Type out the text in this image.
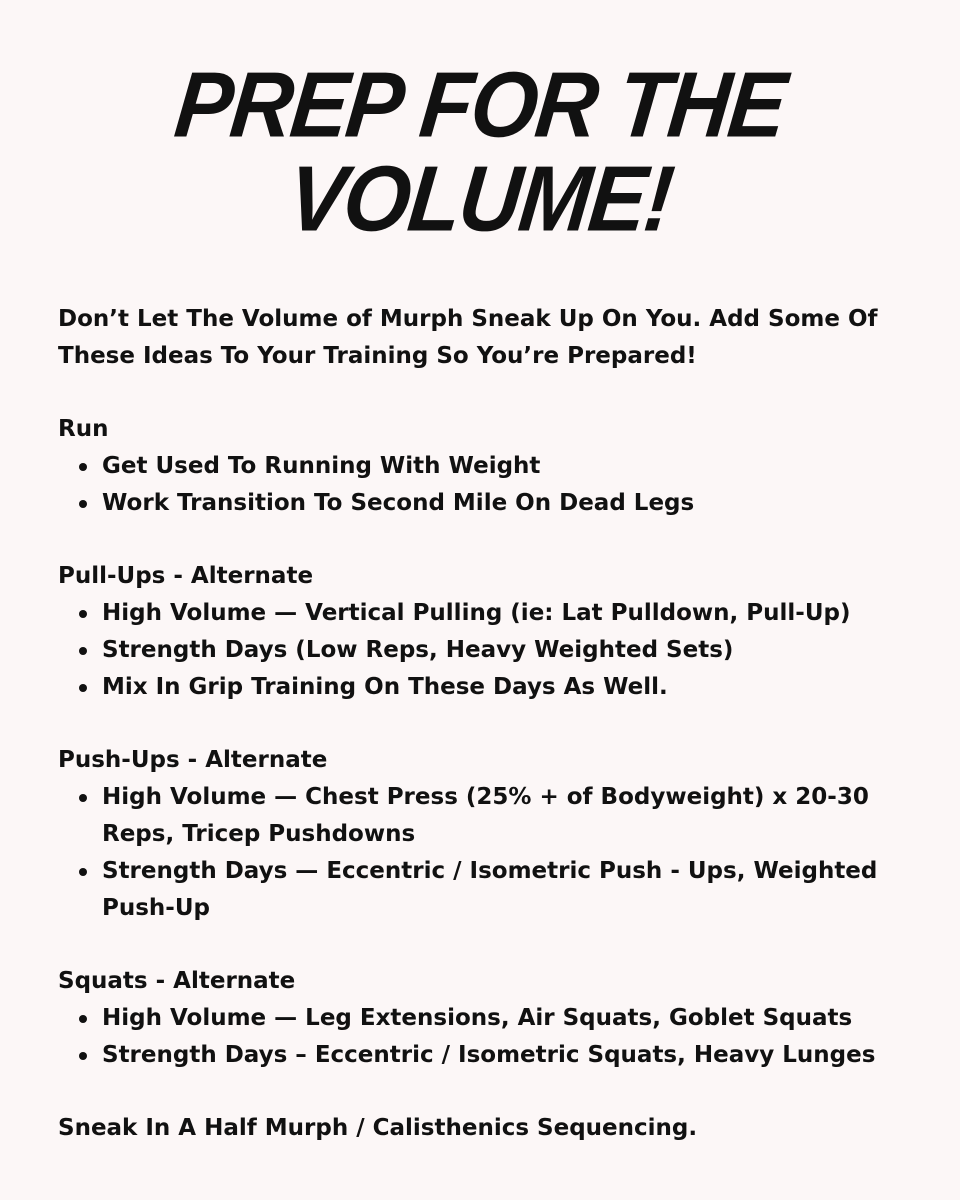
PREP FOR THE
VOLUME!

Don’t Let The Volume of Murph Sneak Up On You. Add Some Of These Ideas To Your Training So You’re Prepared!

Run

Get Used To Running With Weight
Work Transition To Second Mile On Dead Legs

Pull-Ups - Alternate

High Volume — Vertical Pulling (ie: Lat Pulldown, Pull-Up)
Strength Days (Low Reps, Heavy Weighted Sets)
Mix In Grip Training On These Days As Well.

Push-Ups - Alternate

High Volume — Chest Press (25% + of Bodyweight) x 20-30 Reps, Tricep Pushdowns
Strength Days — Eccentric / Isometric Push - Ups, Weighted Push-Up

Squats - Alternate

High Volume — Leg Extensions, Air Squats, Goblet Squats
Strength Days – Eccentric / Isometric Squats, Heavy Lunges

Sneak In A Half Murph / Calisthenics Sequencing.
